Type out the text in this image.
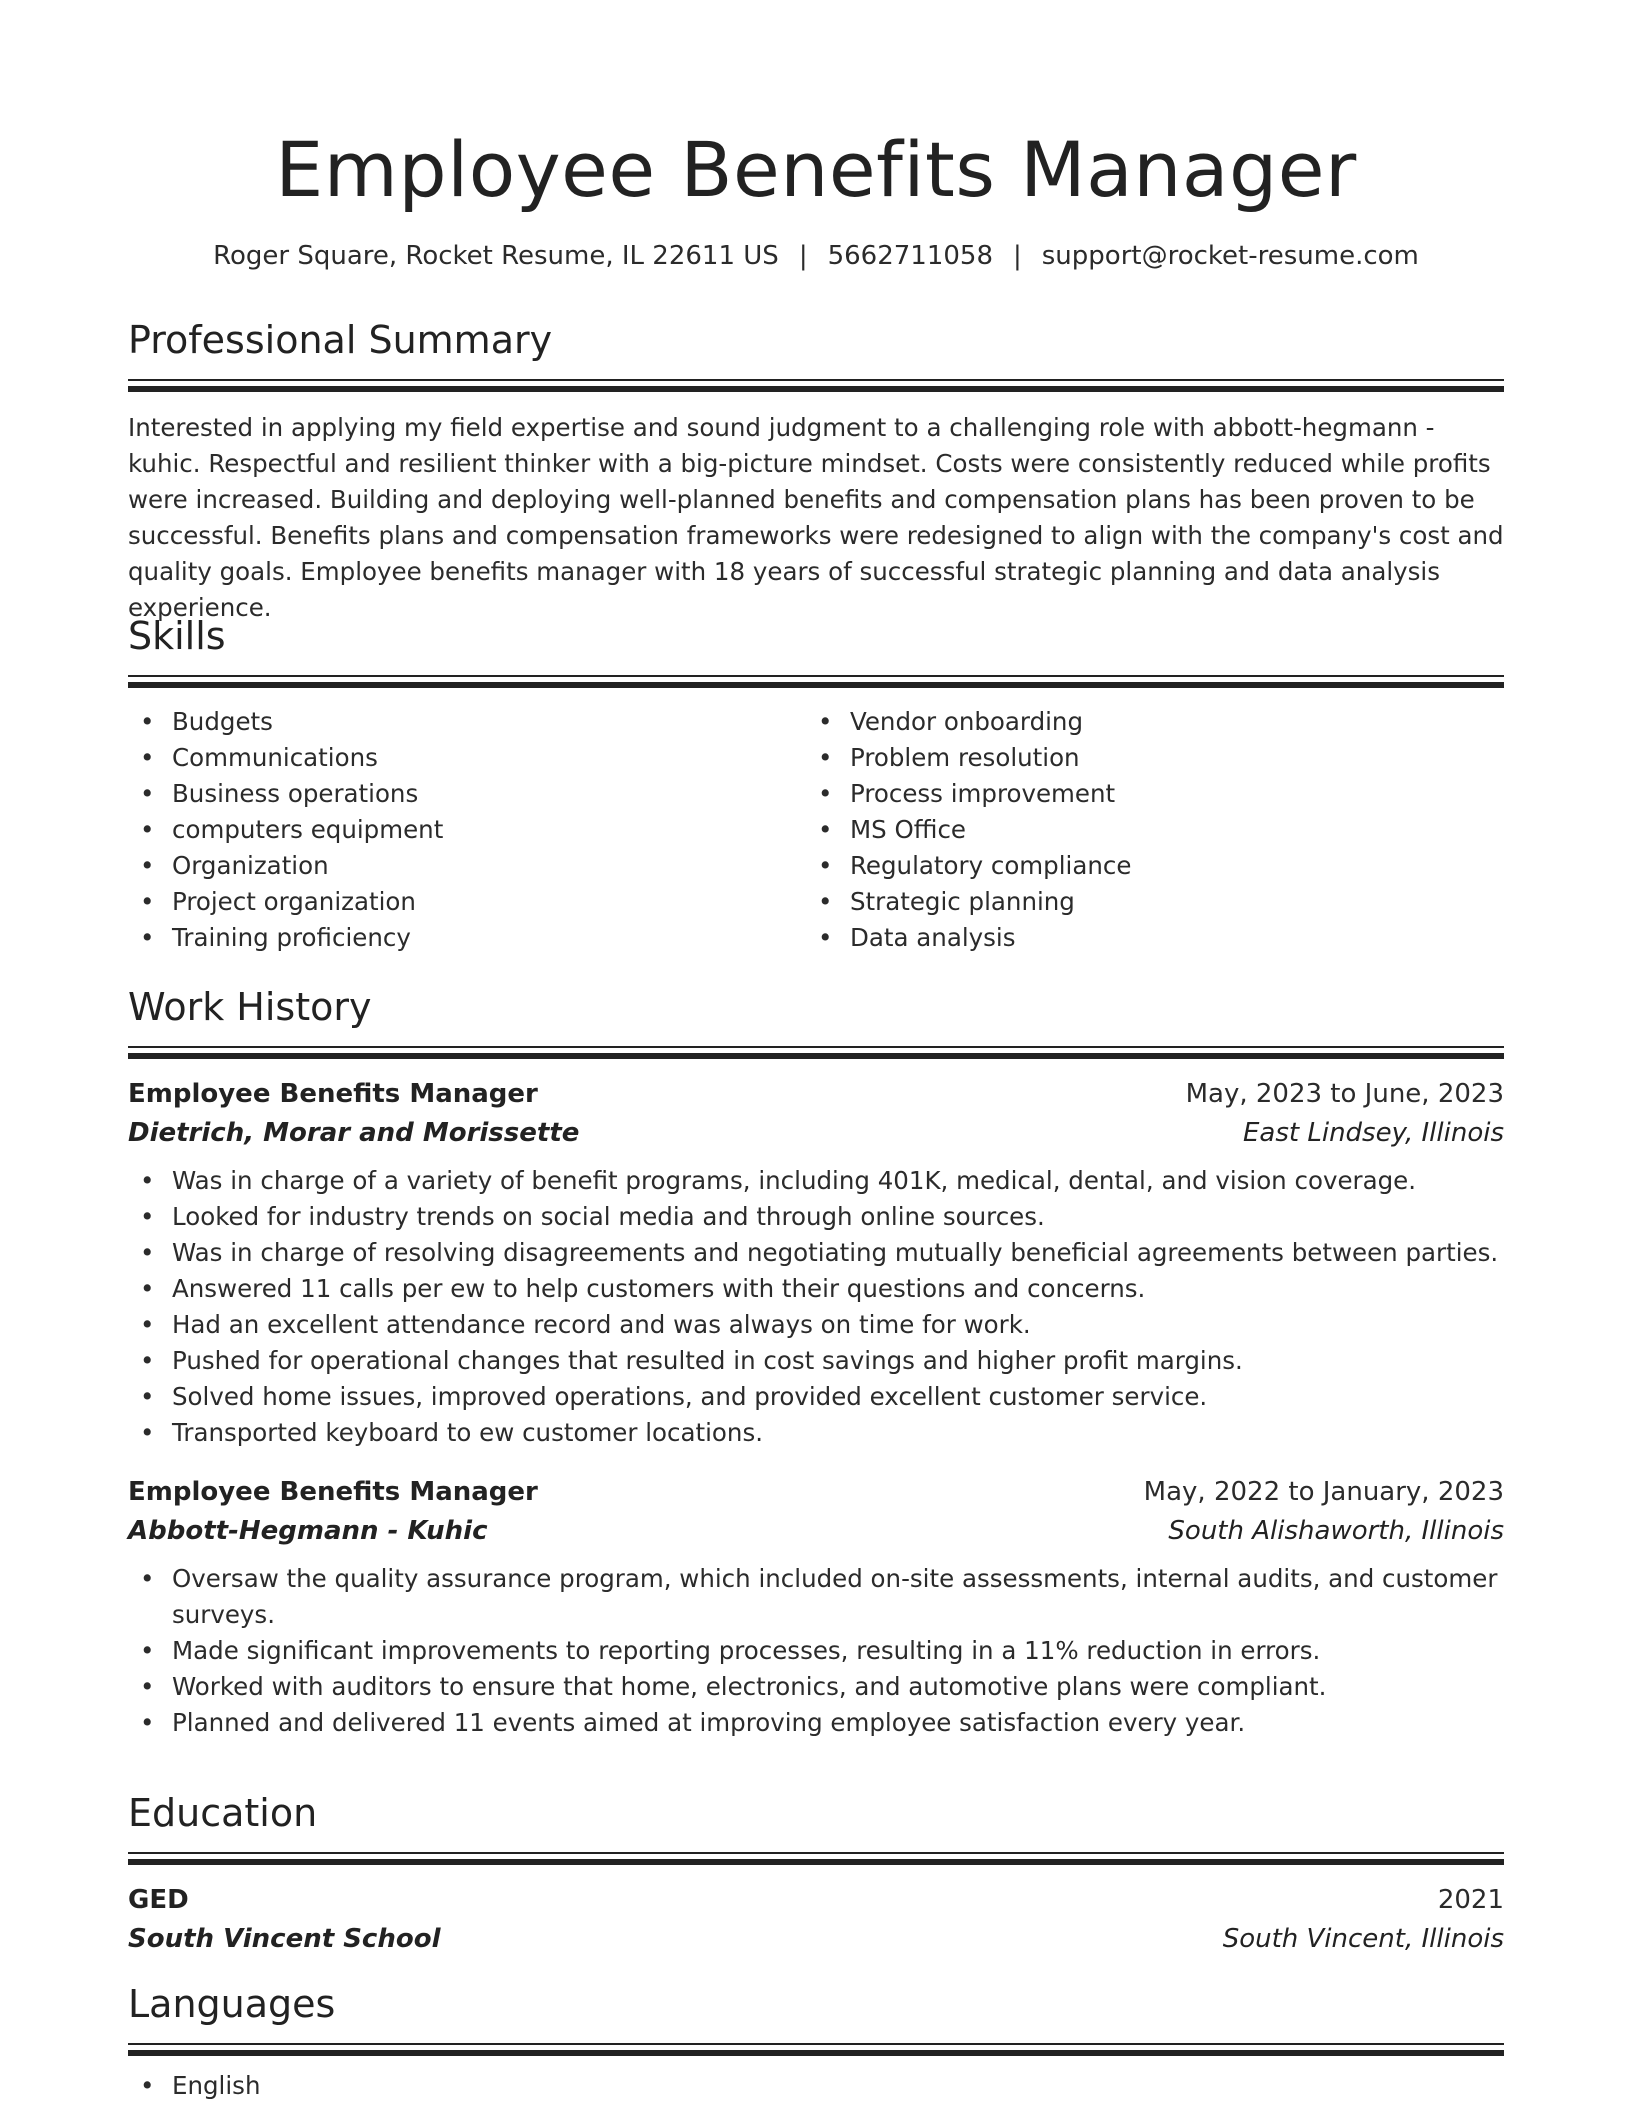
Employee Benefits Manager
Roger Square, Rocket Resume, IL 22611 US | 5662711058 | support@rocket-resume.com
Professional Summary

Interested in applying my field expertise and sound judgment to a challenging role with abbott-hegmann - kuhic. Respectful and resilient thinker with a big-picture mindset. Costs were consistently reduced while profits were increased. Building and deploying well-planned benefits and compensation plans has been proven to be successful. Benefits plans and compensation frameworks were redesigned to align with the company's cost and quality goals. Employee benefits manager with 18 years of successful strategic planning and data analysis experience.

Skills
• Budgets
• Communications
• Business operations
• computers equipment
• Organization
• Project organization
• Training proficiency
• Vendor onboarding
• Problem resolution
• Process improvement
• MS Office
• Regulatory compliance
• Strategic planning
• Data analysis
Work History
Employee Benefits Manager	May, 2023 to June, 2023
Dietrich, Morar and Morissette	East Lindsey, Illinois
• Was in charge of a variety of benefit programs, including 401K, medical, dental, and vision coverage.
• Looked for industry trends on social media and through online sources.
• Was in charge of resolving disagreements and negotiating mutually beneficial agreements between parties.
• Answered 11 calls per ew to help customers with their questions and concerns.
• Had an excellent attendance record and was always on time for work.
• Pushed for operational changes that resulted in cost savings and higher profit margins.
• Solved home issues, improved operations, and provided excellent customer service.
• Transported keyboard to ew customer locations.
Employee Benefits Manager	May, 2022 to January, 2023
Abbott-Hegmann - Kuhic	South Alishaworth, Illinois
• Oversaw the quality assurance program, which included on-site assessments, internal audits, and customer surveys.
• Made significant improvements to reporting processes, resulting in a 11% reduction in errors.
• Worked with auditors to ensure that home, electronics, and automotive plans were compliant.
• Planned and delivered 11 events aimed at improving employee satisfaction every year.
Education
GED	2021
South Vincent School	South Vincent, Illinois
Languages
• English
